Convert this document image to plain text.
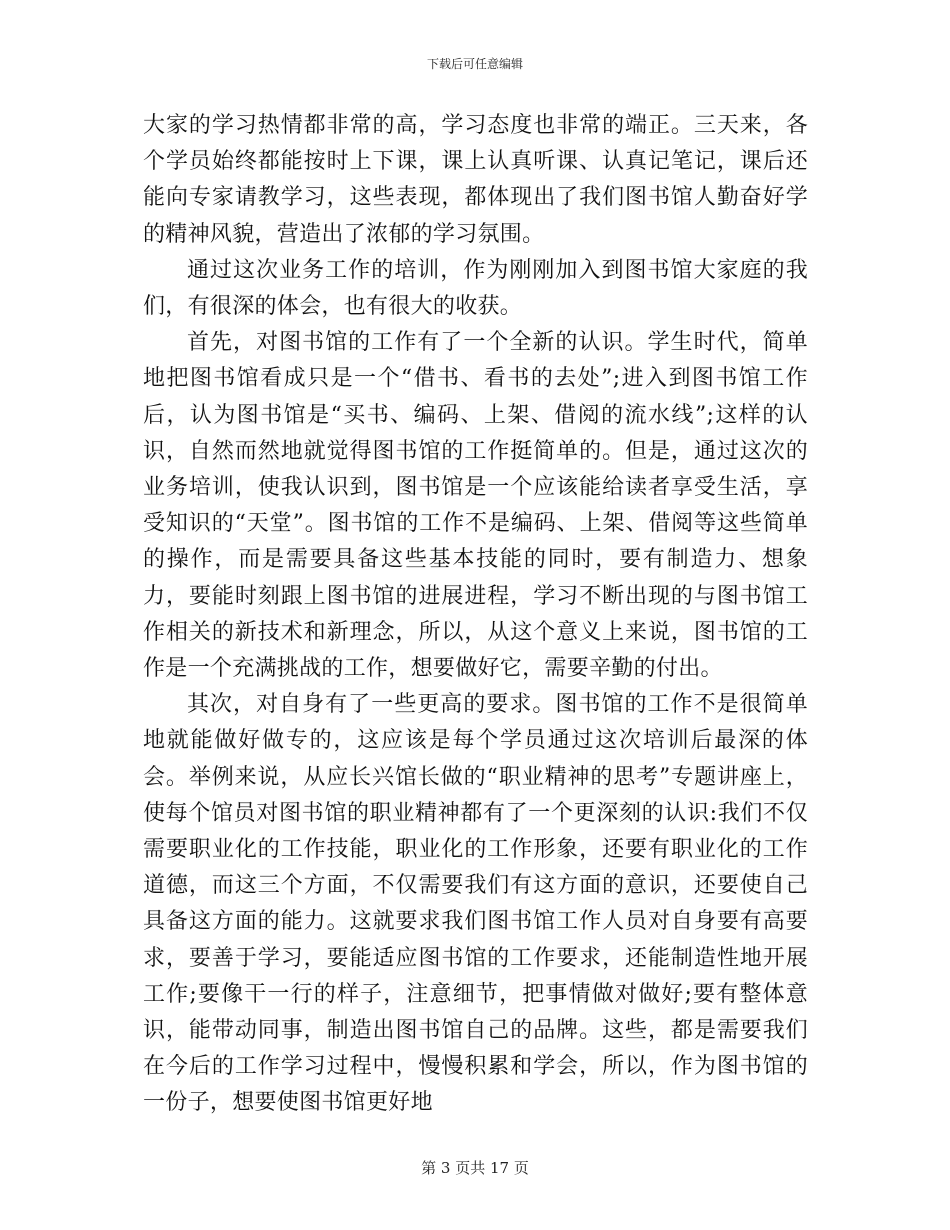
下载后可任意编辑

大家的学习热情都非常的高，学习态度也非常的端正。三天来，各个学员始终都能按时上下课，课上认真听课、认真记笔记，课后还能向专家请教学习，这些表现，都体现出了我们图书馆人勤奋好学的精神风貌，营造出了浓郁的学习氛围。

通过这次业务工作的培训，作为刚刚加入到图书馆大家庭的我们，有很深的体会，也有很大的收获。

首先，对图书馆的工作有了一个全新的认识。学生时代，简单地把图书馆看成只是一个“借书、看书的去处”;进入到图书馆工作后，认为图书馆是“买书、编码、上架、借阅的流水线”;这样的认识，自然而然地就觉得图书馆的工作挺简单的。但是，通过这次的业务培训，使我认识到，图书馆是一个应该能给读者享受生活，享受知识的“天堂”。图书馆的工作不是编码、上架、借阅等这些简单的操作，而是需要具备这些基本技能的同时，要有制造力、想象力，要能时刻跟上图书馆的进展进程，学习不断出现的与图书馆工作相关的新技术和新理念，所以，从这个意义上来说，图书馆的工作是一个充满挑战的工作，想要做好它，需要辛勤的付出。

其次，对自身有了一些更高的要求。图书馆的工作不是很简单地就能做好做专的，这应该是每个学员通过这次培训后最深的体会。举例来说，从应长兴馆长做的“职业精神的思考”专题讲座上，使每个馆员对图书馆的职业精神都有了一个更深刻的认识:我们不仅需要职业化的工作技能，职业化的工作形象，还要有职业化的工作道德，而这三个方面，不仅需要我们有这方面的意识，还要使自己具备这方面的能力。这就要求我们图书馆工作人员对自身要有高要求，要善于学习，要能适应图书馆的工作要求，还能制造性地开展工作;要像干一行的样子，注意细节，把事情做对做好;要有整体意识，能带动同事，制造出图书馆自己的品牌。这些，都是需要我们在今后的工作学习过程中，慢慢积累和学会，所以，作为图书馆的一份子，想要使图书馆更好地

第 3 页共 17 页
